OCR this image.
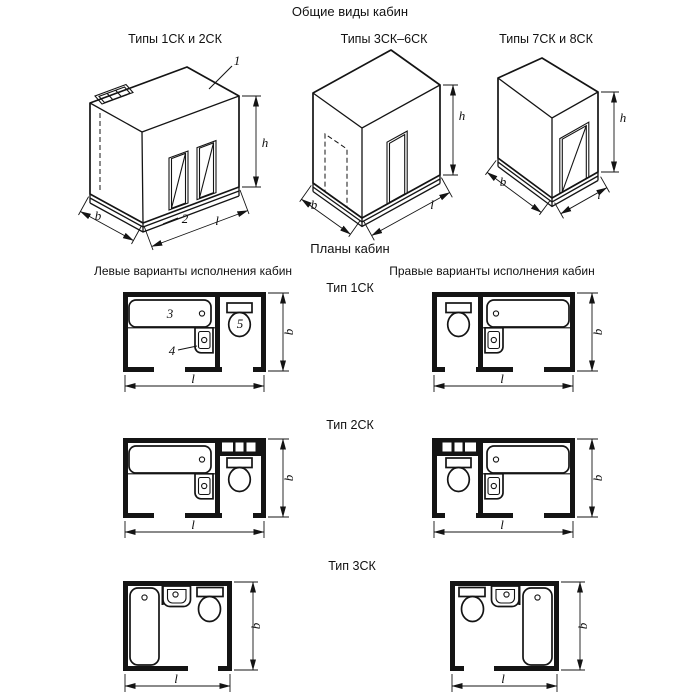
Общие виды кабин
Типы 1СК и 2СК	Типы 3СК–6СК	Типы 7СК и 8СК
h
b	l
1
2
h
b	l
h
b
l
Планы кабин
Левые варианты исполнения кабин	Правые варианты исполнения кабин
Тип 1СК
b
l
3
4
5
b
l
Тип 2СК
b
l
b
l
Тип 3СК
b
l
b
l
